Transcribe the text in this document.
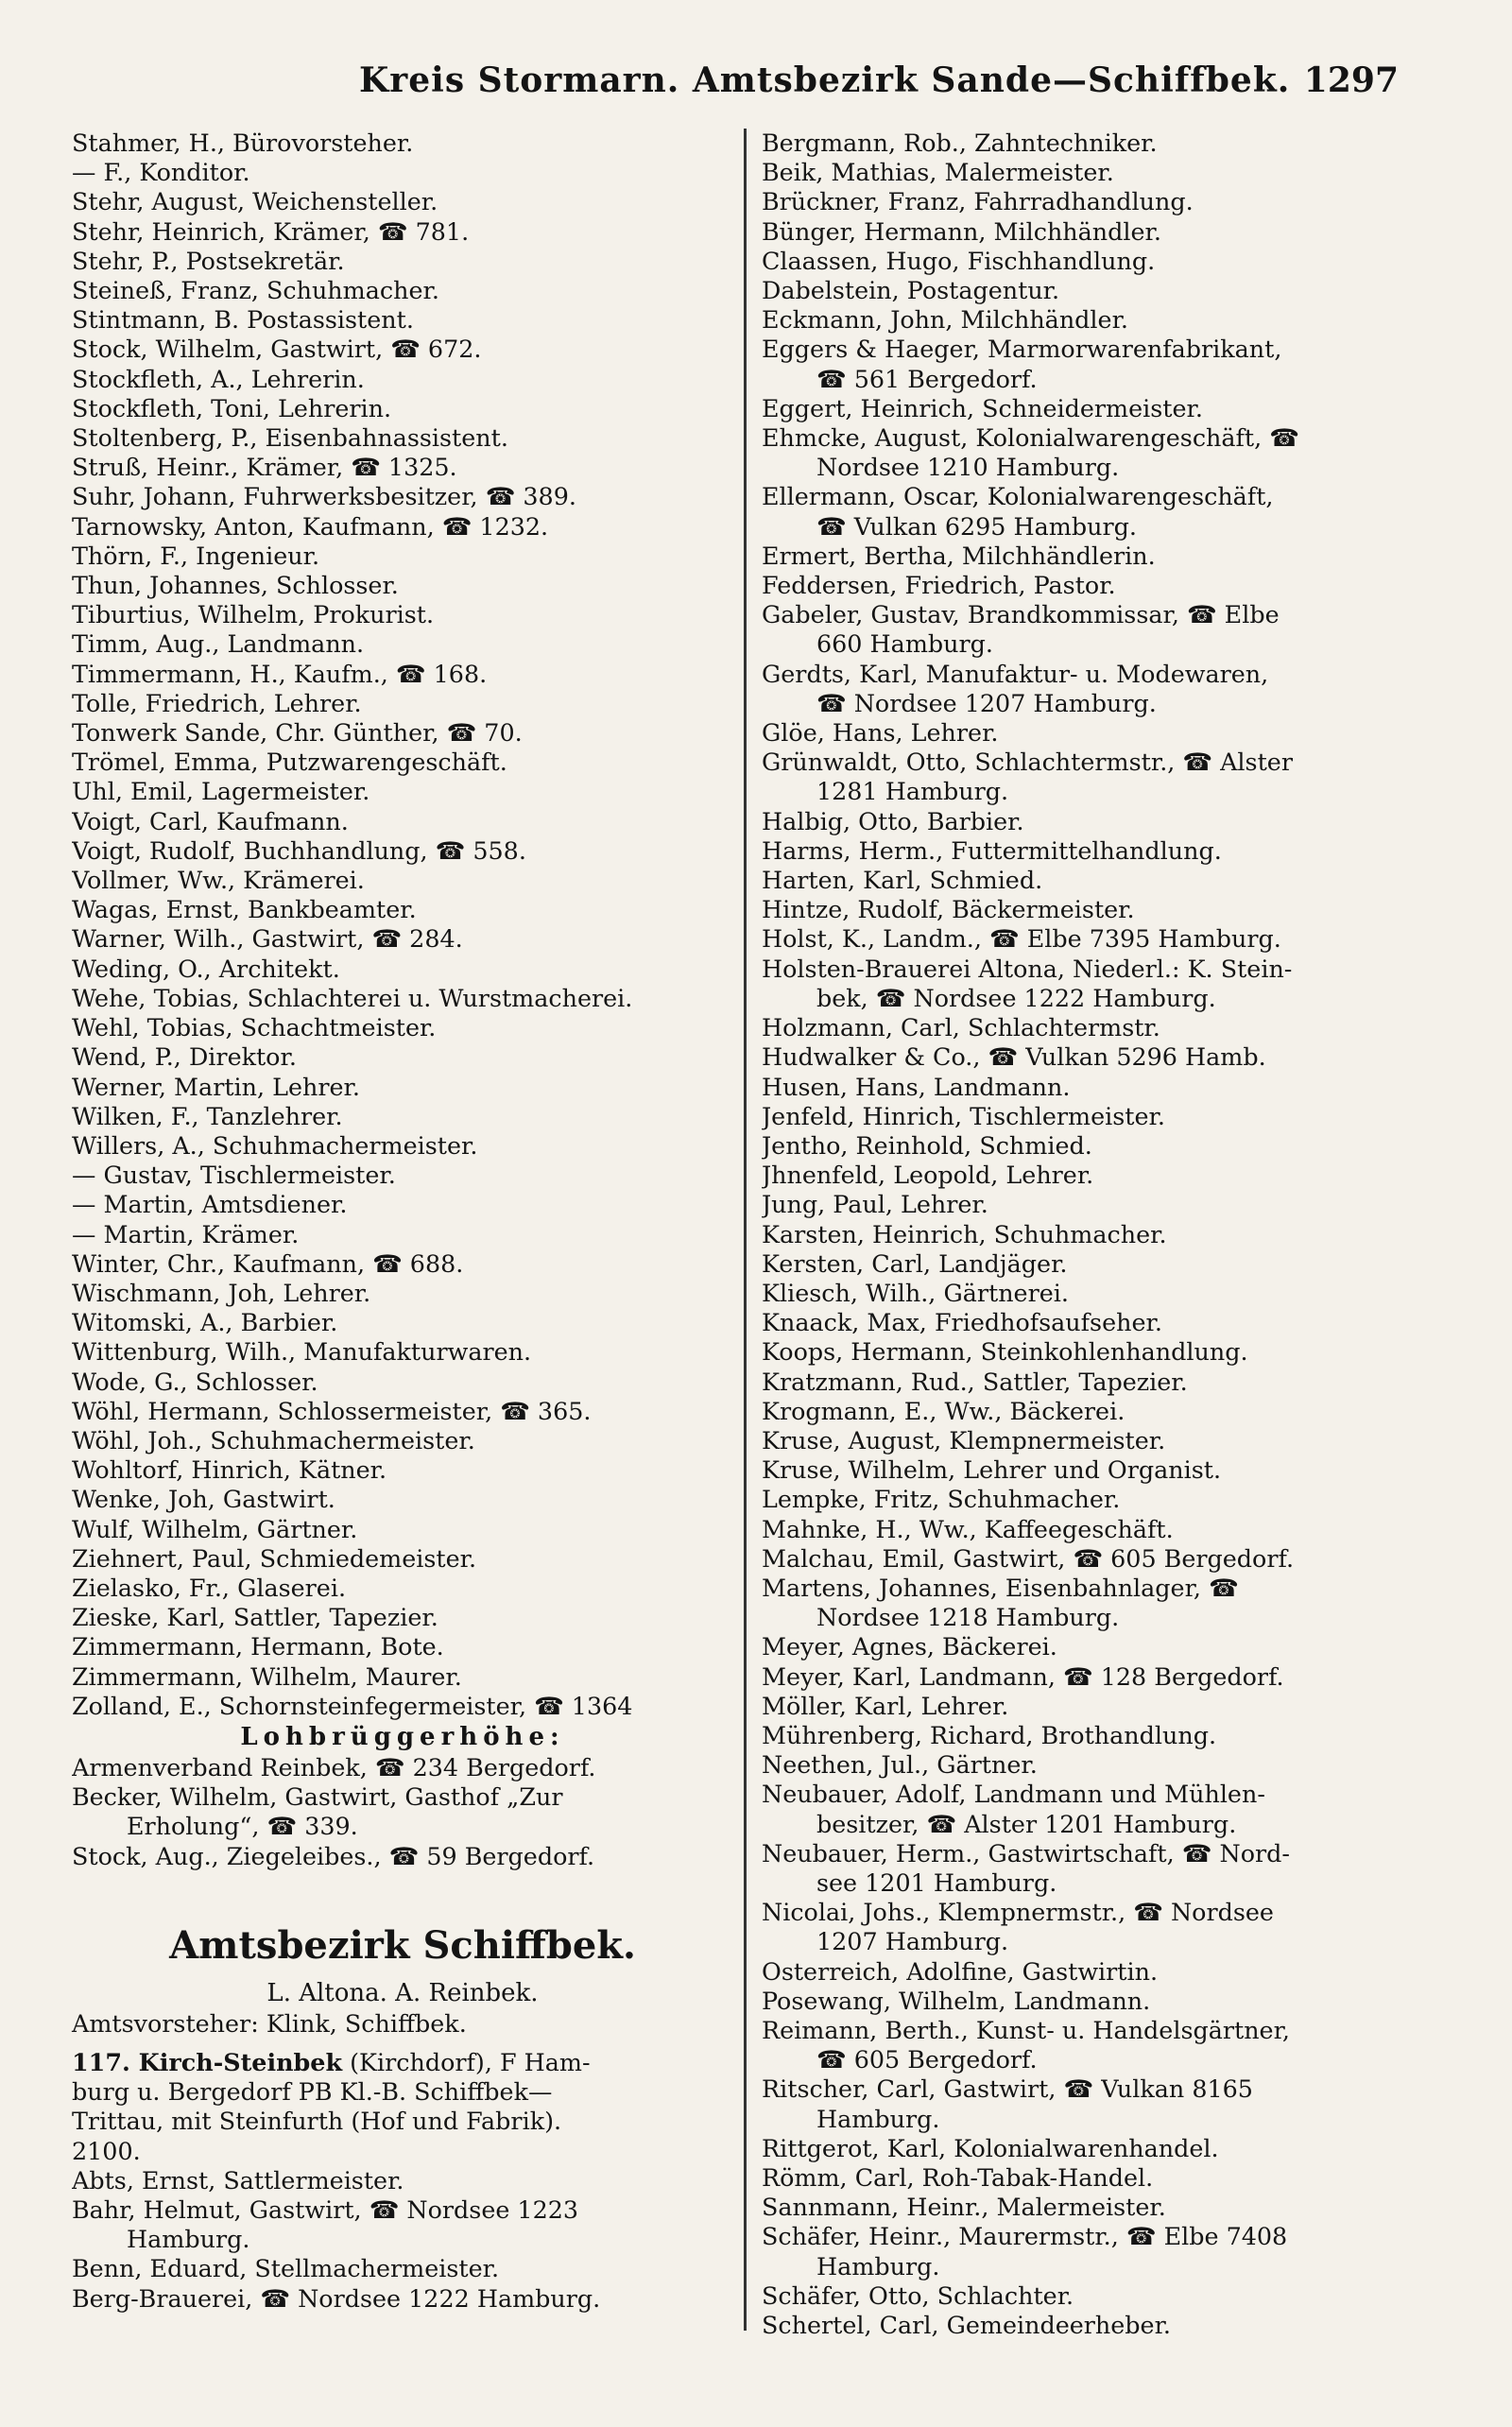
Kreis Stormarn. Amtsbezirk Sande—Schiffbek. 1297
Stahmer, H., Bürovorsteher.
— F., Konditor.
Stehr, August, Weichensteller.
Stehr, Heinrich, Krämer, ☎ 781.
Stehr, P., Postsekretär.
Steineß, Franz, Schuhmacher.
Stintmann, B. Postassistent.
Stock, Wilhelm, Gastwirt, ☎ 672.
Stockfleth, A., Lehrerin.
Stockfleth, Toni, Lehrerin.
Stoltenberg, P., Eisenbahnassistent.
Struß, Heinr., Krämer, ☎ 1325.
Suhr, Johann, Fuhrwerksbesitzer, ☎ 389.
Tarnowsky, Anton, Kaufmann, ☎ 1232.
Thörn, F., Ingenieur.
Thun, Johannes, Schlosser.
Tiburtius, Wilhelm, Prokurist.
Timm, Aug., Landmann.
Timmermann, H., Kaufm., ☎ 168.
Tolle, Friedrich, Lehrer.
Tonwerk Sande, Chr. Günther, ☎ 70.
Trömel, Emma, Putzwarengeschäft.
Uhl, Emil, Lagermeister.
Voigt, Carl, Kaufmann.
Voigt, Rudolf, Buchhandlung, ☎ 558.
Vollmer, Ww., Krämerei.
Wagas, Ernst, Bankbeamter.
Warner, Wilh., Gastwirt, ☎ 284.
Weding, O., Architekt.
Wehe, Tobias, Schlachterei u. Wurstmacherei.
Wehl, Tobias, Schachtmeister.
Wend, P., Direktor.
Werner, Martin, Lehrer.
Wilken, F., Tanzlehrer.
Willers, A., Schuhmachermeister.
— Gustav, Tischlermeister.
— Martin, Amtsdiener.
— Martin, Krämer.
Winter, Chr., Kaufmann, ☎ 688.
Wischmann, Joh, Lehrer.
Witomski, A., Barbier.
Wittenburg, Wilh., Manufakturwaren.
Wode, G., Schlosser.
Wöhl, Hermann, Schlossermeister, ☎ 365.
Wöhl, Joh., Schuhmachermeister.
Wohltorf, Hinrich, Kätner.
Wenke, Joh, Gastwirt.
Wulf, Wilhelm, Gärtner.
Ziehnert, Paul, Schmiedemeister.
Zielasko, Fr., Glaserei.
Zieske, Karl, Sattler, Tapezier.
Zimmermann, Hermann, Bote.
Zimmermann, Wilhelm, Maurer.
Zolland, E., Schornsteinfegermeister, ☎ 1364
Lohbrüggerhöhe:
Armenverband Reinbek, ☎ 234 Bergedorf.
Becker, Wilhelm, Gastwirt, Gasthof „Zur
Erholung“, ☎ 339.
Stock, Aug., Ziegeleibes., ☎ 59 Bergedorf.
Amtsbezirk Schiffbek.
L. Altona. A. Reinbek.
Amtsvorsteher: Klink, Schiffbek.
117. Kirch-Steinbek (Kirchdorf), F Ham-
burg u. Bergedorf PB Kl.-B. Schiffbek—
Trittau, mit Steinfurth (Hof und Fabrik).
2100.
Abts, Ernst, Sattlermeister.
Bahr, Helmut, Gastwirt, ☎ Nordsee 1223
Hamburg.
Benn, Eduard, Stellmachermeister.
Berg-Brauerei, ☎ Nordsee 1222 Hamburg.
Bergmann, Rob., Zahntechniker.
Beik, Mathias, Malermeister.
Brückner, Franz, Fahrradhandlung.
Bünger, Hermann, Milchhändler.
Claassen, Hugo, Fischhandlung.
Dabelstein, Postagentur.
Eckmann, John, Milchhändler.
Eggers & Haeger, Marmorwarenfabrikant,
☎ 561 Bergedorf.
Eggert, Heinrich, Schneidermeister.
Ehmcke, August, Kolonialwarengeschäft, ☎
Nordsee 1210 Hamburg.
Ellermann, Oscar, Kolonialwarengeschäft,
☎ Vulkan 6295 Hamburg.
Ermert, Bertha, Milchhändlerin.
Feddersen, Friedrich, Pastor.
Gabeler, Gustav, Brandkommissar, ☎ Elbe
660 Hamburg.
Gerdts, Karl, Manufaktur- u. Modewaren,
☎ Nordsee 1207 Hamburg.
Glöe, Hans, Lehrer.
Grünwaldt, Otto, Schlachtermstr., ☎ Alster
1281 Hamburg.
Halbig, Otto, Barbier.
Harms, Herm., Futtermittelhandlung.
Harten, Karl, Schmied.
Hintze, Rudolf, Bäckermeister.
Holst, K., Landm., ☎ Elbe 7395 Hamburg.
Holsten-Brauerei Altona, Niederl.: K. Stein-
bek, ☎ Nordsee 1222 Hamburg.
Holzmann, Carl, Schlachtermstr.
Hudwalker & Co., ☎ Vulkan 5296 Hamb.
Husen, Hans, Landmann.
Jenfeld, Hinrich, Tischlermeister.
Jentho, Reinhold, Schmied.
Jhnenfeld, Leopold, Lehrer.
Jung, Paul, Lehrer.
Karsten, Heinrich, Schuhmacher.
Kersten, Carl, Landjäger.
Kliesch, Wilh., Gärtnerei.
Knaack, Max, Friedhofsaufseher.
Koops, Hermann, Steinkohlenhandlung.
Kratzmann, Rud., Sattler, Tapezier.
Krogmann, E., Ww., Bäckerei.
Kruse, August, Klempnermeister.
Kruse, Wilhelm, Lehrer und Organist.
Lempke, Fritz, Schuhmacher.
Mahnke, H., Ww., Kaffeegeschäft.
Malchau, Emil, Gastwirt, ☎ 605 Bergedorf.
Martens, Johannes, Eisenbahnlager, ☎
Nordsee 1218 Hamburg.
Meyer, Agnes, Bäckerei.
Meyer, Karl, Landmann, ☎ 128 Bergedorf.
Möller, Karl, Lehrer.
Mührenberg, Richard, Brothandlung.
Neethen, Jul., Gärtner.
Neubauer, Adolf, Landmann und Mühlen-
besitzer, ☎ Alster 1201 Hamburg.
Neubauer, Herm., Gastwirtschaft, ☎ Nord-
see 1201 Hamburg.
Nicolai, Johs., Klempnermstr., ☎ Nordsee
1207 Hamburg.
Osterreich, Adolfine, Gastwirtin.
Posewang, Wilhelm, Landmann.
Reimann, Berth., Kunst- u. Handelsgärtner,
☎ 605 Bergedorf.
Ritscher, Carl, Gastwirt, ☎ Vulkan 8165
Hamburg.
Rittgerot, Karl, Kolonialwarenhandel.
Römm, Carl, Roh-Tabak-Handel.
Sannmann, Heinr., Malermeister.
Schäfer, Heinr., Maurermstr., ☎ Elbe 7408
Hamburg.
Schäfer, Otto, Schlachter.
Schertel, Carl, Gemeindeerheber.
